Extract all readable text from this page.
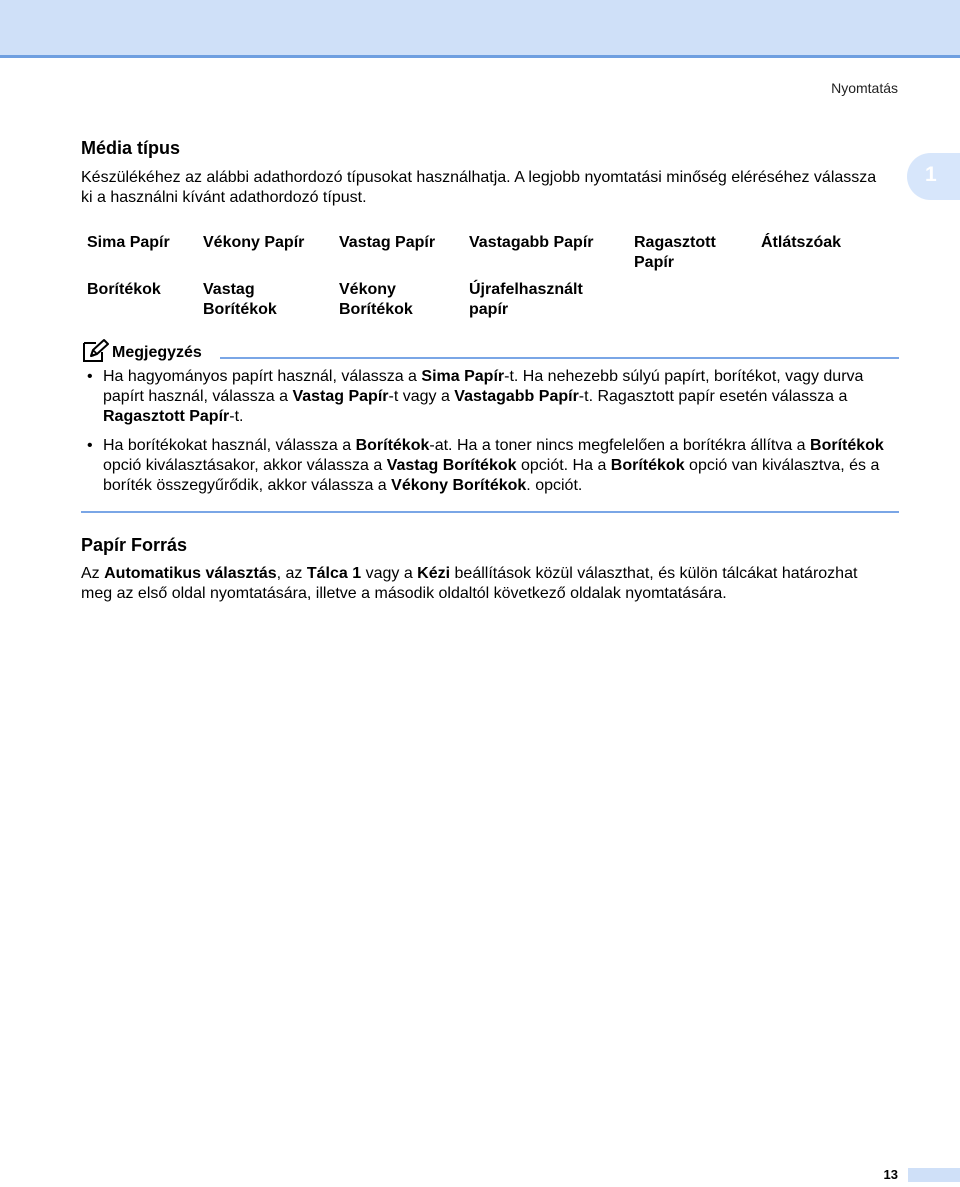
Nyomtatás
1
Média típus
Készülékéhez az alábbi adathordozó típusokat használhatja. A legjobb nyomtatási minőség eléréséhez válassza ki a használni kívánt adathordozó típust.
Sima Papír Vékony Papír Vastag Papír Vastagabb Papír	Ragasztott Papír
Átlátszóak
Borítékok	Vastag Borítékok
Vékony Borítékok
Újrafelhasznált papír
Megjegyzés
• Ha hagyományos papírt használ, válassza a Sima Papír-t. Ha nehezebb súlyú papírt, borítékot, vagy durva papírt használ, válassza a Vastag Papír-t vagy a Vastagabb Papír-t. Ragasztott papír esetén válassza a Ragasztott Papír-t.
• Ha borítékokat használ, válassza a Borítékok-at. Ha a toner nincs megfelelően a borítékra állítva a Borítékok opció kiválasztásakor, akkor válassza a Vastag Borítékok opciót. Ha a Borítékok opció van kiválasztva, és a boríték összegyűrődik, akkor válassza a Vékony Borítékok. opciót.
Papír Forrás
Az Automatikus választás, az Tálca 1 vagy a Kézi beállítások közül választhat, és külön tálcákat határozhat meg az első oldal nyomtatására, illetve a második oldaltól következő oldalak nyomtatására.
13
